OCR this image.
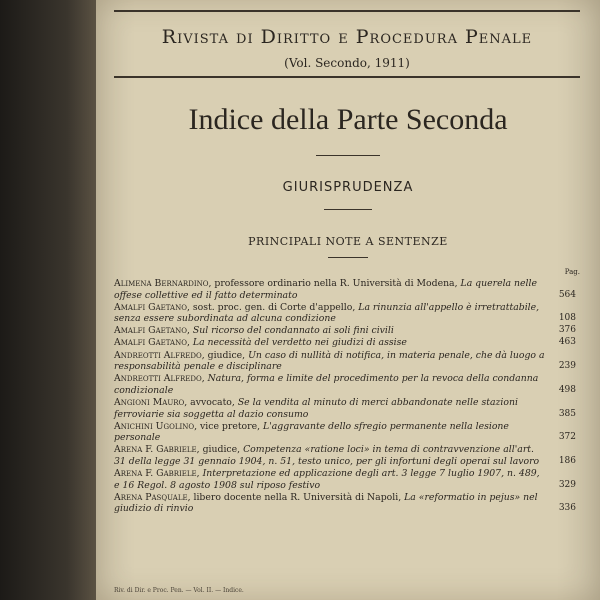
Rivista di Diritto e Procedura Penale
(Vol. Secondo, 1911)
Indice della Parte Seconda
GIURISPRUDENZA
PRINCIPALI NOTE A SENTENZE
Pag.
Alimena Bernardino, professore ordinario nella R. Università di Modena, La querela nelle offese collettive ed il fatto determinato	564
Amalfi Gaetano, sost. proc. gen. di Corte d'appello, La rinunzia all'appello è irretrattabile, senza essere subordinata ad alcuna condizione	108
Amalfi Gaetano, Sul ricorso del condannato ai soli fini civili	376
Amalfi Gaetano, La necessità del verdetto nei giudizi di assise	463
Andreotti Alfredo, giudice, Un caso di nullità di notifica, in materia penale, che dà luogo a responsabilità penale e disciplinare	239
Andreotti Alfredo, Natura, forma e limite del procedimento per la revoca della condanna condizionale	498
Angioni Mauro, avvocato, Se la vendita al minuto di merci abbandonate nelle stazioni ferroviarie sia soggetta al dazio consumo	385
Anichini Ugolino, vice pretore, L'aggravante dello sfregio permanente nella lesione personale	372
Arena F. Gabriele, giudice, Competenza «ratione loci» in tema di contravvenzione all'art. 31 della legge 31 gennaio 1904, n. 51, testo unico, per gli infortuni degli operai sul lavoro 186
Arena F. Gabriele, Interpretazione ed applicazione degli art. 3 legge 7 luglio 1907, n. 489, e 16 Regol. 8 agosto 1908 sul riposo festivo	329
Arena Pasquale, libero docente nella R. Università di Napoli, La «reformatio in pejus» nel giudizio di rinvio	336
Riv. di Dir. e Proc. Pen. — Vol. II. — Indice.
